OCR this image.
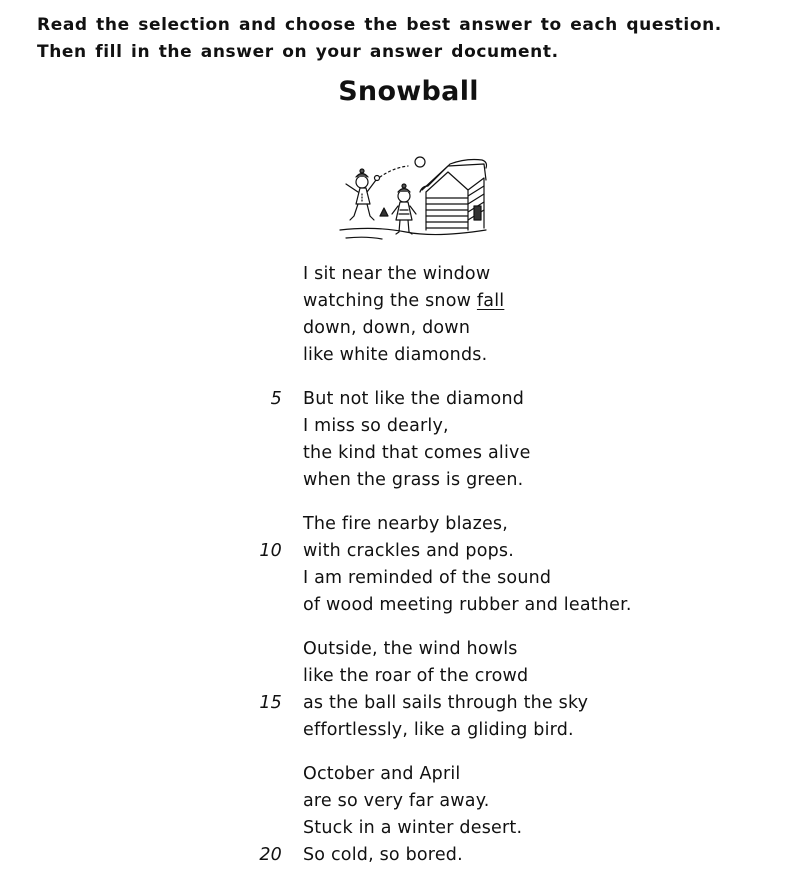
Read the selection and choose the best answer to each question. Then fill in the answer on your answer document.

Snowball
I sit near the window
watching the snow fall
down, down, down
like white diamonds.
5 But not like the diamond
I miss so dearly,
the kind that comes alive
when the grass is green.
The fire nearby blazes,
10 with crackles and pops.
I am reminded of the sound
of wood meeting rubber and leather.
Outside, the wind howls
like the roar of the crowd
15 as the ball sails through the sky
effortlessly, like a gliding bird.
October and April
are so very far away.
Stuck in a winter desert.
20 So cold, so bored.
